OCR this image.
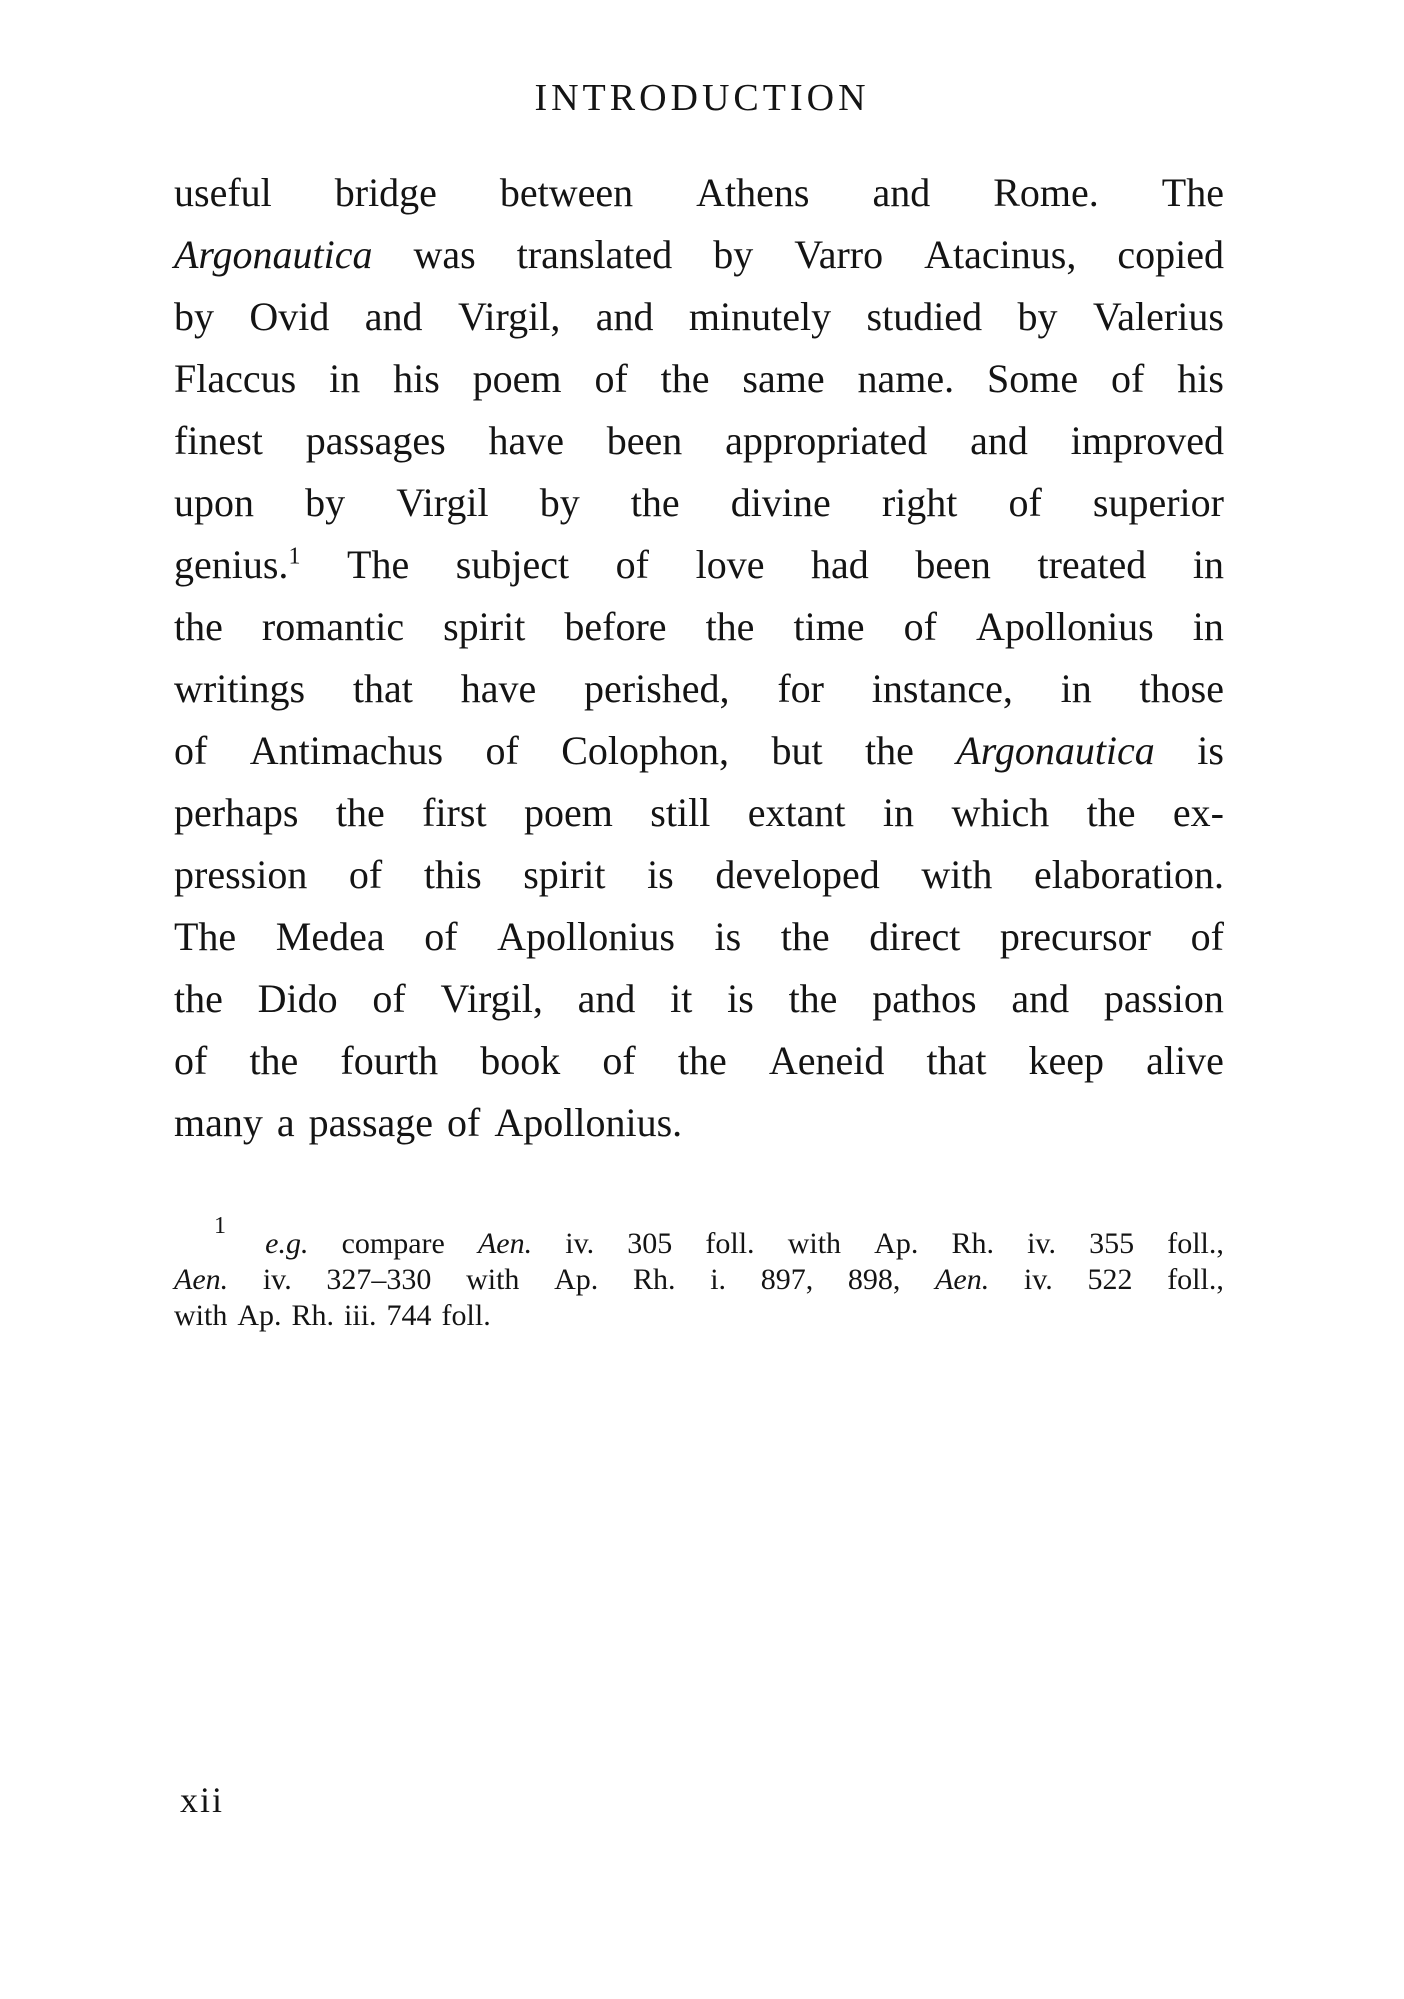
INTRODUCTION
useful bridge between Athens and Rome. The
Argonautica was translated by Varro Atacinus, copied
by Ovid and Virgil, and minutely studied by Valerius
Flaccus in his poem of the same name. Some of his
finest passages have been appropriated and improved
upon by Virgil by the divine right of superior
genius.$^1$ The subject of love had been treated in
the romantic spirit before the time of Apollonius in
writings that have perished, for instance, in those
of Antimachus of Colophon, but the Argonautica is
perhaps the first poem still extant in which the ex-
pression of this spirit is developed with elaboration.
The Medea of Apollonius is the direct precursor of
the Dido of Virgil, and it is the pathos and passion
of the fourth book of the Aeneid that keep alive
many a passage of Apollonius.
1
e.g. compare Aen. iv. 305 foll. with Ap. Rh. iv. 355 foll.,
Aen. iv. 327–330 with Ap. Rh. i. 897, 898, Aen. iv. 522 foll.,
with Ap. Rh. iii. 744 foll.
xii
